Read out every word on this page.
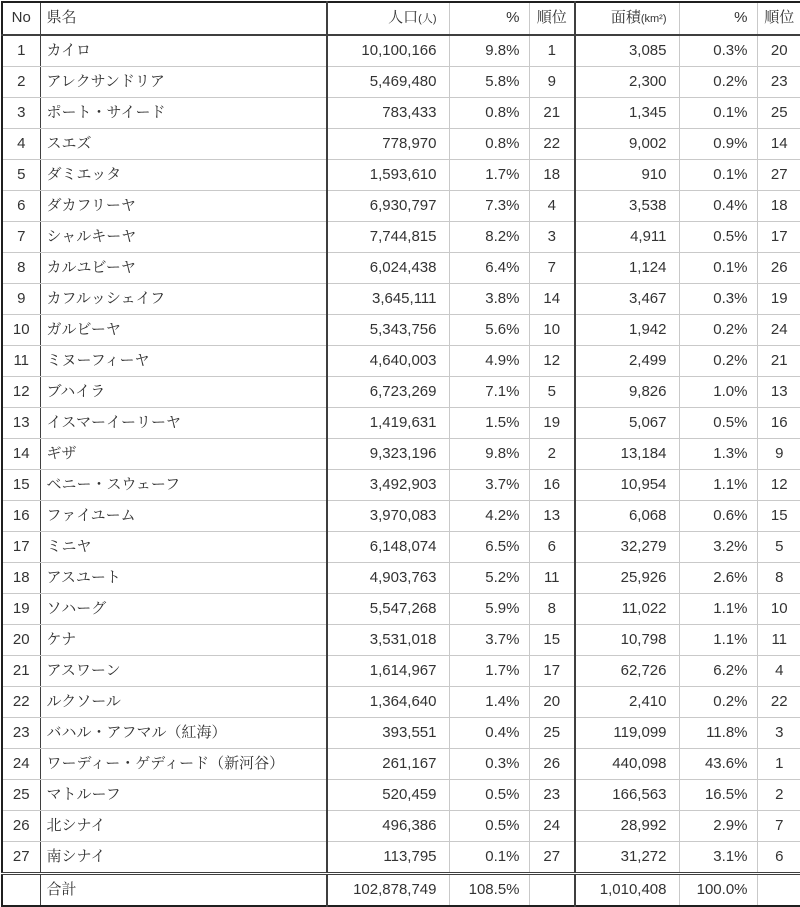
No	県名	人口(人)	%	順位	面積(km²)	%	順位
1	カイロ	10,100,166	9.8%	1	3,085	0.3%	20
2	アレクサンドリア	5,469,480	5.8%	9	2,300	0.2%	23
3	ポート・サイード	783,433	0.8%	21	1,345	0.1%	25
4	スエズ	778,970	0.8%	22	9,002	0.9%	14
5	ダミエッタ	1,593,610	1.7%	18	910	0.1%	27
6	ダカフリーヤ	6,930,797	7.3%	4	3,538	0.4%	18
7	シャルキーヤ	7,744,815	8.2%	3	4,911	0.5%	17
8	カルユビーヤ	6,024,438	6.4%	7	1,124	0.1%	26
9	カフルッシェイフ	3,645,111	3.8%	14	3,467	0.3%	19
10	ガルビーヤ	5,343,756	5.6%	10	1,942	0.2%	24
11	ミヌーフィーヤ	4,640,003	4.9%	12	2,499	0.2%	21
12	ブハイラ	6,723,269	7.1%	5	9,826	1.0%	13
13	イスマーイーリーヤ	1,419,631	1.5%	19	5,067	0.5%	16
14	ギザ	9,323,196	9.8%	2	13,184	1.3%	9
15	ベニー・スウェーフ	3,492,903	3.7%	16	10,954	1.1%	12
16	ファイユーム	3,970,083	4.2%	13	6,068	0.6%	15
17	ミニヤ	6,148,074	6.5%	6	32,279	3.2%	5
18	アスユート	4,903,763	5.2%	11	25,926	2.6%	8
19	ソハーグ	5,547,268	5.9%	8	11,022	1.1%	10
20	ケナ	3,531,018	3.7%	15	10,798	1.1%	11
21	アスワーン	1,614,967	1.7%	17	62,726	6.2%	4
22	ルクソール	1,364,640	1.4%	20	2,410	0.2%	22
23	バハル・アフマル（紅海）	393,551	0.4%	25	119,099	11.8%	3
24	ワーディー・ゲディード（新河谷）	261,167	0.3%	26	440,098	43.6%	1
25	マトルーフ	520,459	0.5%	23	166,563	16.5%	2
26	北シナイ	496,386	0.5%	24	28,992	2.9%	7
27	南シナイ	113,795	0.1%	27	31,272	3.1%	6
	合計	102,878,749	108.5%		1,010,408	100.0%	
